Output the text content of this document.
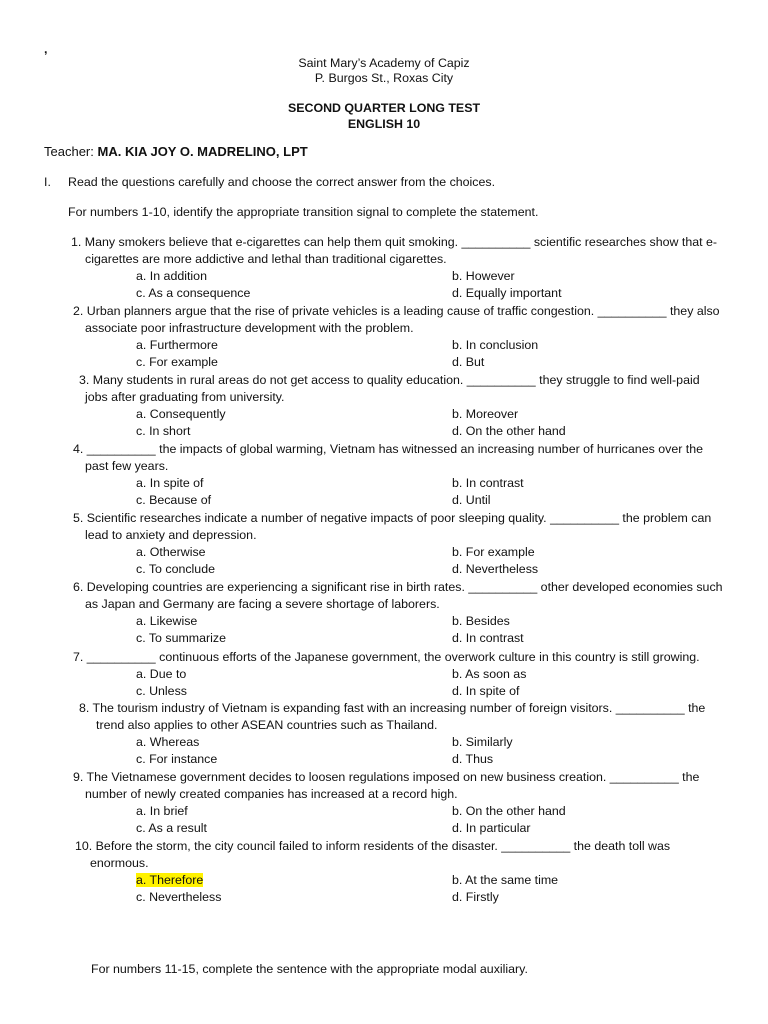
,
Saint Mary’s Academy of Capiz
P. Burgos St., Roxas City
SECOND QUARTER LONG TEST
ENGLISH 10
Teacher: MA. KIA JOY O. MADRELINO, LPT
I. Read the questions carefully and choose the correct answer from the choices.
For numbers 1-10, identify the appropriate transition signal to complete the statement.
1. Many smokers believe that e-cigarettes can help them quit smoking. __________ scientific researches show that e-
cigarettes are more addictive and lethal than traditional cigarettes.
a. In addition	b. However
c. As a consequence	d. Equally important
2. Urban planners argue that the rise of private vehicles is a leading cause of traffic congestion. __________ they also
associate poor infrastructure development with the problem.
a. Furthermore	b. In conclusion
c. For example	d. But
3. Many students in rural areas do not get access to quality education. __________ they struggle to find well-paid
jobs after graduating from university.
a. Consequently	b. Moreover
c. In short	d. On the other hand
4. __________ the impacts of global warming, Vietnam has witnessed an increasing number of hurricanes over the
past few years.
a. In spite of	b. In contrast
c. Because of	d. Until
5. Scientific researches indicate a number of negative impacts of poor sleeping quality. __________ the problem can
lead to anxiety and depression.
a. Otherwise	b. For example
c. To conclude	d. Nevertheless
6. Developing countries are experiencing a significant rise in birth rates. __________ other developed economies such
as Japan and Germany are facing a severe shortage of laborers.
a. Likewise	b. Besides
c. To summarize	d. In contrast
7. __________ continuous efforts of the Japanese government, the overwork culture in this country is still growing.
a. Due to	b. As soon as
c. Unless	d. In spite of
8. The tourism industry of Vietnam is expanding fast with an increasing number of foreign visitors. __________ the
trend also applies to other ASEAN countries such as Thailand.
a. Whereas	b. Similarly
c. For instance	d. Thus
9. The Vietnamese government decides to loosen regulations imposed on new business creation. __________ the
number of newly created companies has increased at a record high.
a. In brief	b. On the other hand
c. As a result	d. In particular
10. Before the storm, the city council failed to inform residents of the disaster. __________ the death toll was
enormous.
a. Therefore	b. At the same time
c. Nevertheless	d. Firstly
For numbers 11-15, complete the sentence with the appropriate modal auxiliary.
